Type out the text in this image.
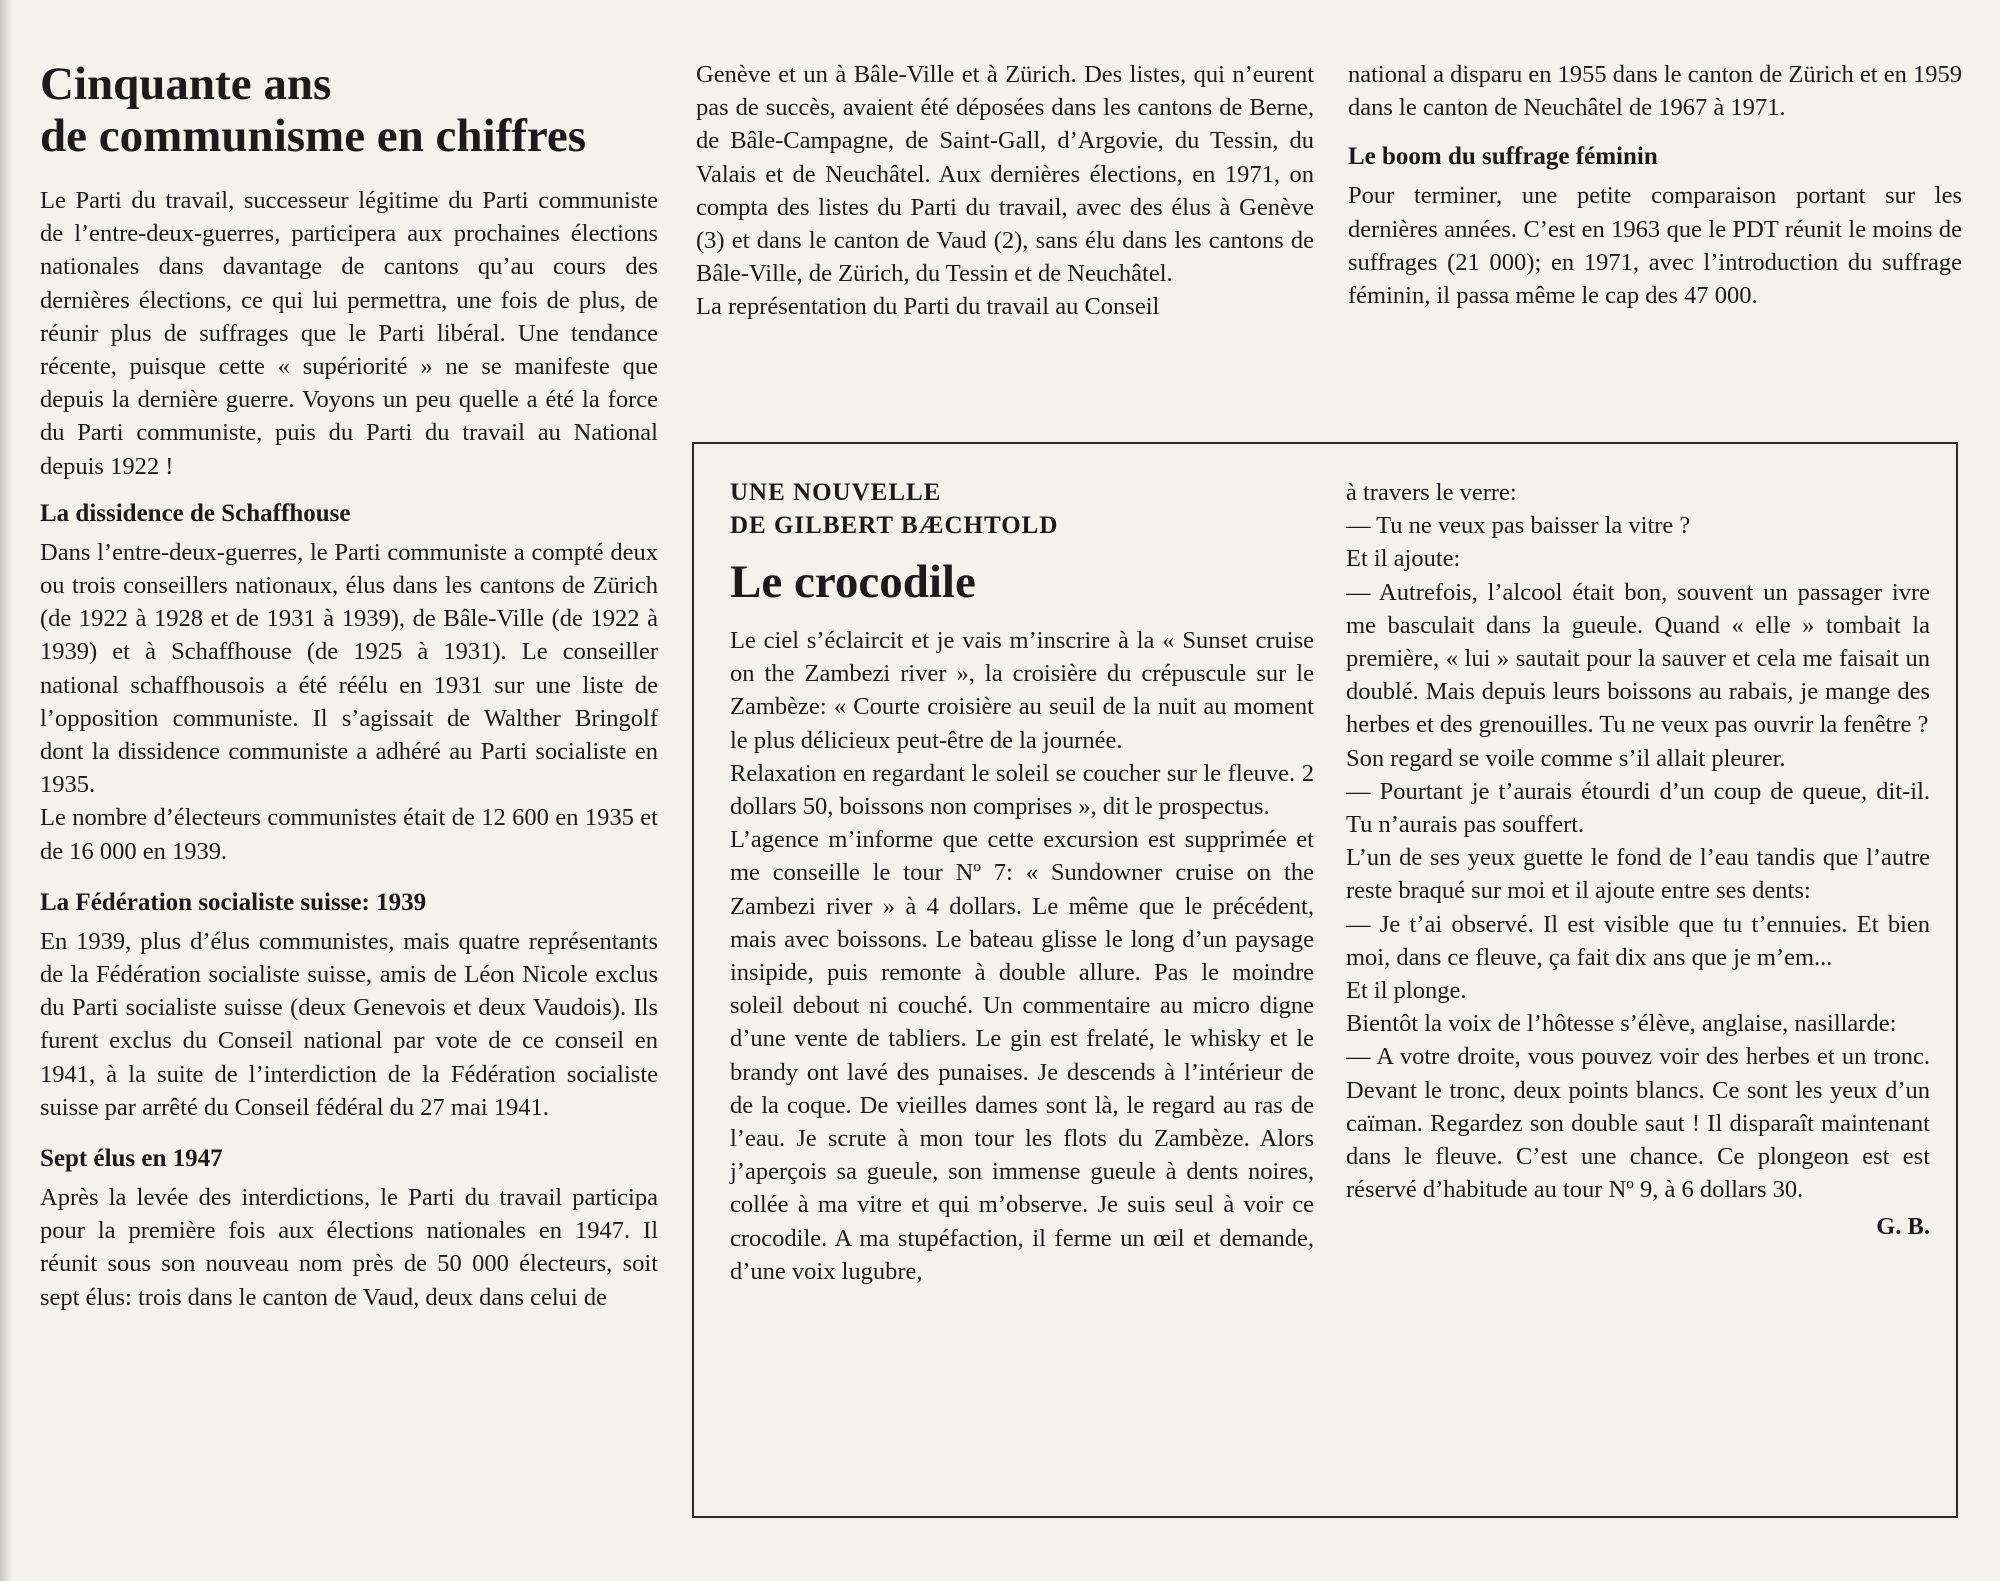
Cinquante ans
de communisme en chiffres

Le Parti du travail, successeur légitime du Parti communiste de l’entre-deux-guerres, participera aux prochaines élections nationales dans davantage de cantons qu’au cours des dernières élections, ce qui lui permettra, une fois de plus, de réunir plus de suffrages que le Parti libéral. Une tendance récente, puisque cette « supériorité » ne se manifeste que depuis la dernière guerre. Voyons un peu quelle a été la force du Parti communiste, puis du Parti du travail au National depuis 1922 !

La dissidence de Schaffhouse

Dans l’entre-deux-guerres, le Parti communiste a compté deux ou trois conseillers nationaux, élus dans les cantons de Zürich (de 1922 à 1928 et de 1931 à 1939), de Bâle-Ville (de 1922 à 1939) et à Schaffhouse (de 1925 à 1931). Le conseiller national schaffhousois a été réélu en 1931 sur une liste de l’opposition communiste. Il s’agissait de Walther Bringolf dont la dissidence communiste a adhéré au Parti socialiste en 1935.

Le nombre d’électeurs communistes était de 12 600 en 1935 et de 16 000 en 1939.

La Fédération socialiste suisse: 1939

En 1939, plus d’élus communistes, mais quatre représentants de la Fédération socialiste suisse, amis de Léon Nicole exclus du Parti socialiste suisse (deux Genevois et deux Vaudois). Ils furent exclus du Conseil national par vote de ce conseil en 1941, à la suite de l’interdiction de la Fédération socialiste suisse par arrêté du Conseil fédéral du 27 mai 1941.

Sept élus en 1947

Après la levée des interdictions, le Parti du travail participa pour la première fois aux élections nationales en 1947. Il réunit sous son nouveau nom près de 50 000 électeurs, soit sept élus: trois dans le canton de Vaud, deux dans celui de

Genève et un à Bâle-Ville et à Zürich. Des listes, qui n’eurent pas de succès, avaient été déposées dans les cantons de Berne, de Bâle-Campagne, de Saint-Gall, d’Argovie, du Tessin, du Valais et de Neuchâtel. Aux dernières élections, en 1971, on compta des listes du Parti du travail, avec des élus à Genève (3) et dans le canton de Vaud (2), sans élu dans les cantons de Bâle-Ville, de Zürich, du Tessin et de Neuchâtel.

La représentation du Parti du travail au Conseil

national a disparu en 1955 dans le canton de Zürich et en 1959 dans le canton de Neuchâtel de 1967 à 1971.

Le boom du suffrage féminin

Pour terminer, une petite comparaison portant sur les dernières années. C’est en 1963 que le PDT réunit le moins de suffrages (21 000); en 1971, avec l’introduction du suffrage féminin, il passa même le cap des 47 000.

UNE NOUVELLE
DE GILBERT BÆCHTOLD
Le crocodile

Le ciel s’éclaircit et je vais m’inscrire à la « Sunset cruise on the Zambezi river », la croisière du crépuscule sur le Zambèze: « Courte croisière au seuil de la nuit au moment le plus délicieux peut-être de la journée.

Relaxation en regardant le soleil se coucher sur le fleuve. 2 dollars 50, boissons non comprises », dit le prospectus.

L’agence m’informe que cette excursion est supprimée et me conseille le tour Nº 7: « Sundowner cruise on the Zambezi river » à 4 dollars. Le même que le précédent, mais avec boissons. Le bateau glisse le long d’un paysage insipide, puis remonte à double allure. Pas le moindre soleil debout ni couché. Un commentaire au micro digne d’une vente de tabliers. Le gin est frelaté, le whisky et le brandy ont lavé des punaises. Je descends à l’intérieur de de la coque. De vieilles dames sont là, le regard au ras de l’eau. Je scrute à mon tour les flots du Zambèze. Alors j’aperçois sa gueule, son immense gueule à dents noires, collée à ma vitre et qui m’observe. Je suis seul à voir ce crocodile. A ma stupéfaction, il ferme un œil et demande, d’une voix lugubre,

à travers le verre:

— Tu ne veux pas baisser la vitre ?

Et il ajoute:

— Autrefois, l’alcool était bon, souvent un passager ivre me basculait dans la gueule. Quand « elle » tombait la première, « lui » sautait pour la sauver et cela me faisait un doublé. Mais depuis leurs boissons au rabais, je mange des herbes et des grenouilles. Tu ne veux pas ouvrir la fenêtre ?

Son regard se voile comme s’il allait pleurer.

— Pourtant je t’aurais étourdi d’un coup de queue, dit-il. Tu n’aurais pas souffert.

L’un de ses yeux guette le fond de l’eau tandis que l’autre reste braqué sur moi et il ajoute entre ses dents:

— Je t’ai observé. Il est visible que tu t’ennuies. Et bien moi, dans ce fleuve, ça fait dix ans que je m’em...

Et il plonge.

Bientôt la voix de l’hôtesse s’élève, anglaise, nasillarde:

— A votre droite, vous pouvez voir des herbes et un tronc. Devant le tronc, deux points blancs. Ce sont les yeux d’un caïman. Regardez son double saut ! Il disparaît maintenant dans le fleuve. C’est une chance. Ce plongeon est est réservé d’habitude au tour Nº 9, à 6 dollars 30.

G. B.
